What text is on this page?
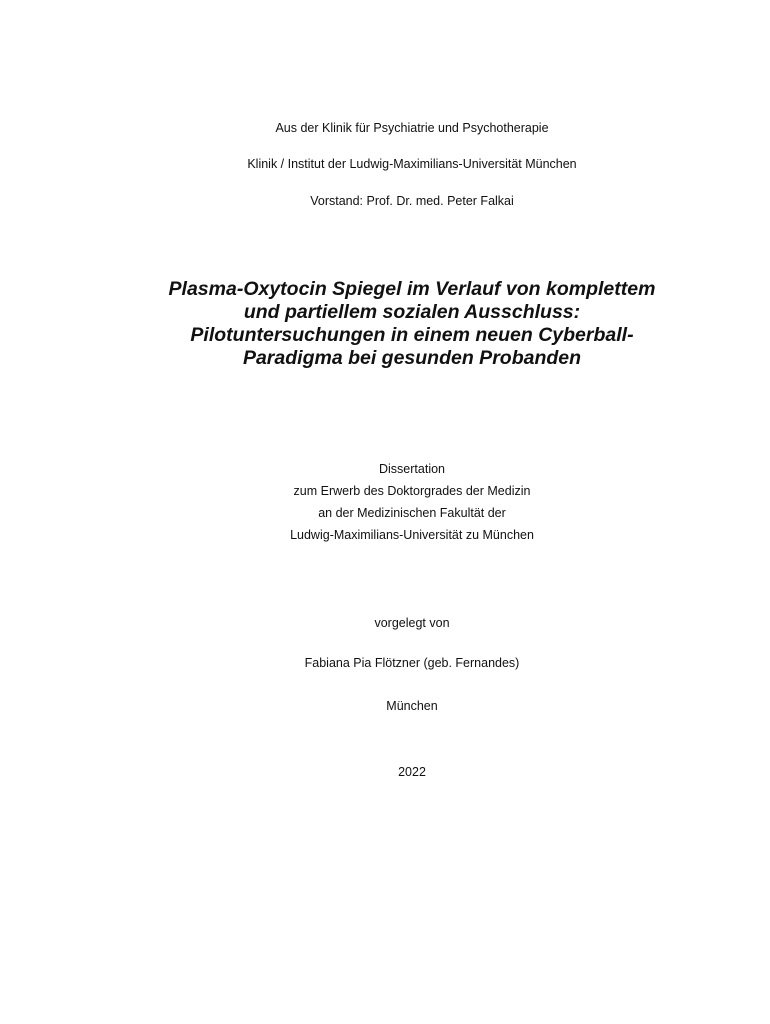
Aus der Klinik für Psychiatrie und Psychotherapie
Klinik / Institut der Ludwig-Maximilians-Universität München
Vorstand: Prof. Dr. med. Peter Falkai
Plasma-Oxytocin Spiegel im Verlauf von komplettem
und partiellem sozialen Ausschluss:
Pilotuntersuchungen in einem neuen Cyberball-
Paradigma bei gesunden Probanden
Dissertation
zum Erwerb des Doktorgrades der Medizin
an der Medizinischen Fakultät der
Ludwig-Maximilians-Universität zu München
vorgelegt von
Fabiana Pia Flötzner (geb. Fernandes)
München
2022
